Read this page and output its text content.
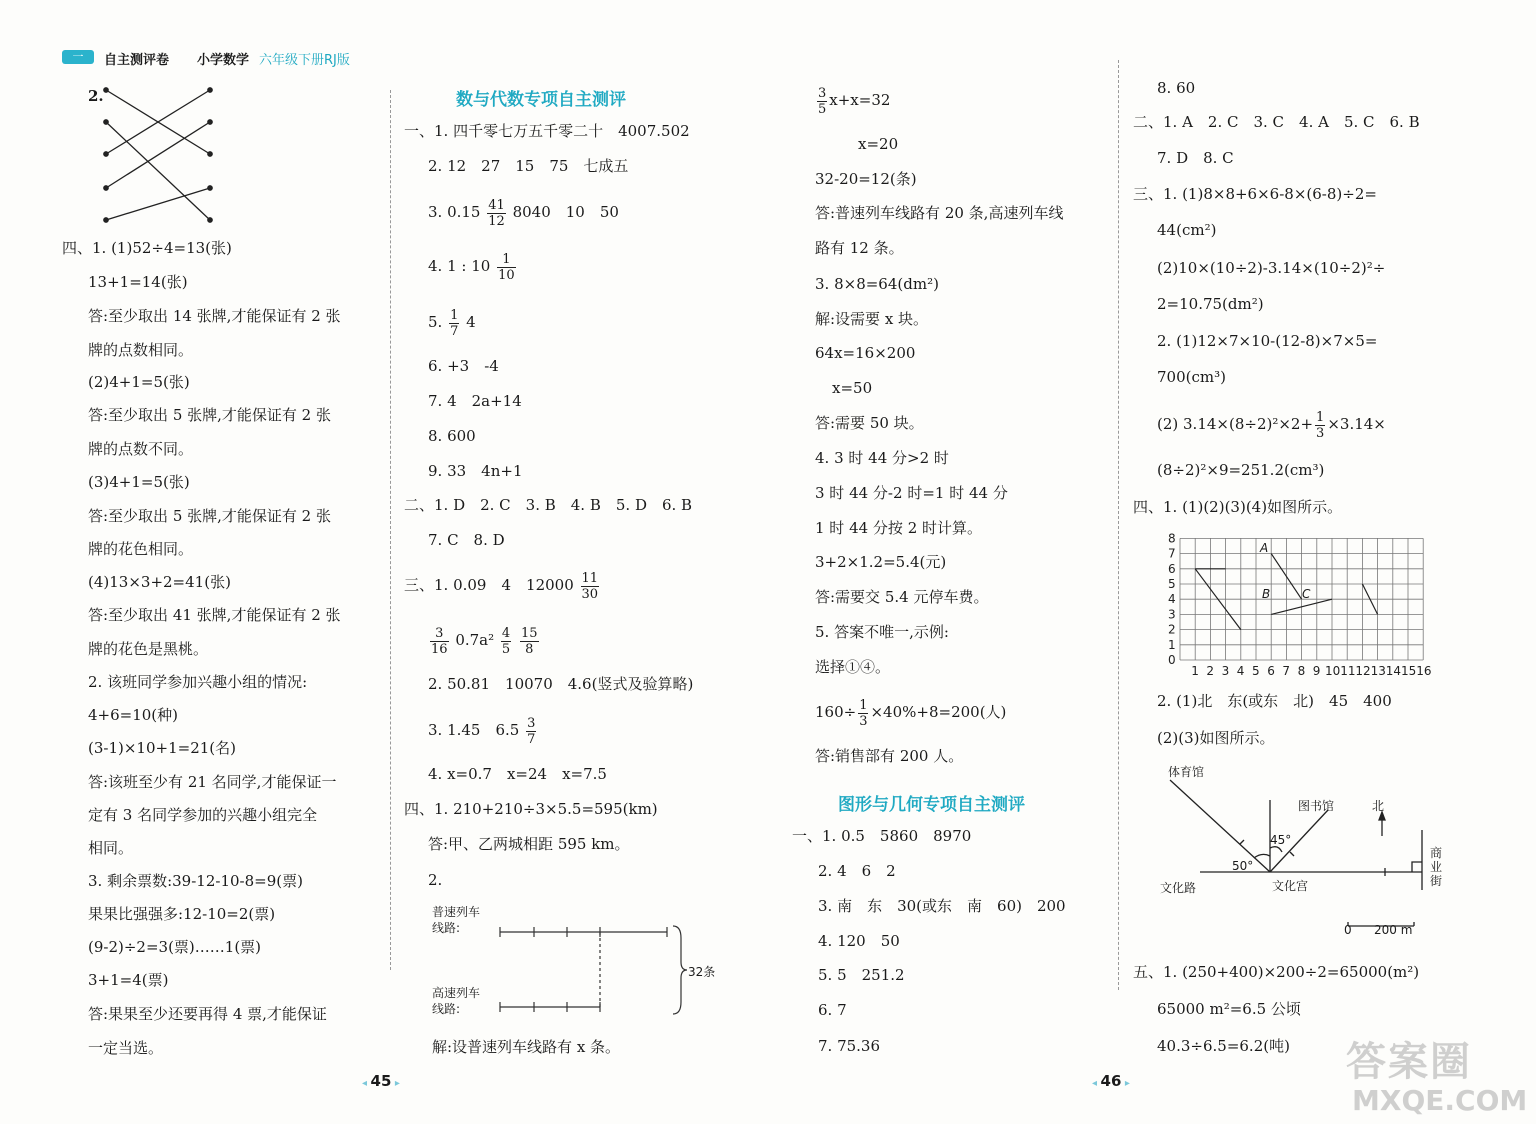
一	自主测评卷 小学数学 六年级下册RJ版
2.
四、1. (1)52÷4=13(张)
13+1=14(张)
答:至少取出 14 张牌,才能保证有 2 张
牌的点数相同。
(2)4+1=5(张)
答:至少取出 5 张牌,才能保证有 2 张
牌的点数不同。
(3)4+1=5(张)
答:至少取出 5 张牌,才能保证有 2 张
牌的花色相同。
(4)13×3+2=41(张)
答:至少取出 41 张牌,才能保证有 2 张
牌的花色是黑桃。
2. 该班同学参加兴趣小组的情况:
4+6=10(种)
(3-1)×10+1=21(名)
答:该班至少有 21 名同学,才能保证一
定有 3 名同学参加的兴趣小组完全
相同。
3. 剩余票数:39-12-10-8=9(票)
果果比强强多:12-10=2(票)
(9-2)÷2=3(票)……1(票)
3+1=4(票)
答:果果至少还要再得 4 票,才能保证
一定当选。
数与代数专项自主测评
一、1. 四千零七万五千零二十　4007.502
2. 12　27　15　75　七成五
3. $0.15 \frac{41}{12} 8040$　10　50
4. 1 : $10 \frac{1}{10}$
5. $\frac{1}{7} 4$
6. +3　-4
7. 4　2a+14
8. 600
9. 33　4n+1
二、1. D　2. C　3. B　4. B　5. D　6. B
7. C　8. D
三、1. 0.09　4　$12000 \frac{11}{30}$
$\frac{3}{16} 0.7a^2 \frac{4}{5}$
$\frac{15}{8}$
2. 50.81　10070　4.6(竖式及验算略)
3. 1.45　$6.5 \frac{3}{7}$
4. x=0.7　x=24　x=7.5
四、1. 210+210÷3×5.5=595(km)
答:甲、乙两城相距 595 km。
2.
普速列车
线路:
高速列车
线路:
32条
解:设普速列车线路有 x 条。
$\frac{3}{5} x+x=32$
x=20
32-20=12(条)
答:普速列车线路有 20 条,高速列车线
路有 12 条。
3. 8×8=64(dm²)
解:设需要 x 块。
64x=16×200
x=50
答:需要 50 块。
4. 3 时 44 分>2 时
3 时 44 分-2 时=1 时 44 分
1 时 44 分按 2 时计算。
3+2×1.2=5.4(元)
答:需要交 5.4 元停车费。
5. 答案不唯一,示例:
选择①④。
$160\div \frac{1}{3} \times 40\%+8=200$(人)
答:销售部有 200 人。
图形与几何专项自主测评
一、1. 0.5　5860　8970
2. 4　6　2
3. 南　东　30(或东　南　60)　200
4. 120　50
5. 5　251.2
6. 7
7. 75.36
8. 60
二、1. A　2. C　3. C　4. A　5. C　6. B
7. D　8. C
三、1. (1)8×8+6×6-8×(6-8)÷2=
44(cm²)
(2)10×(10÷2)-3.14×(10÷2)²÷
2=10.75(dm²)
2. (1)12×7×10-(12-8)×7×5=
700(cm³)
(2) $3.14\times(8\div 2)^2\times 2+ \frac{1}{3} \times 3.14\times$
(8÷2)²×9=251.2(cm³)
四、1. (1)(2)(3)(4)如图所示。
8
7
6
5
4
3
2
1
0
1 2 3 4 5 6 7 8 9 10 11 12 13 14 15 16
A
B	C
2. (1)北　东(或东　北)　45　400
(2)(3)如图所示。
体育馆
图书馆	北
45°
50°
文化路	文化宫
商业街
0 200 m
五、1. (250+400)×200÷2=65000(m²)
65000 m²=6.5 公顷
40.3÷6.5=6.2(吨)
◂ 45 ▸	◂ 46 ▸	答案圈
MXQE.COM
